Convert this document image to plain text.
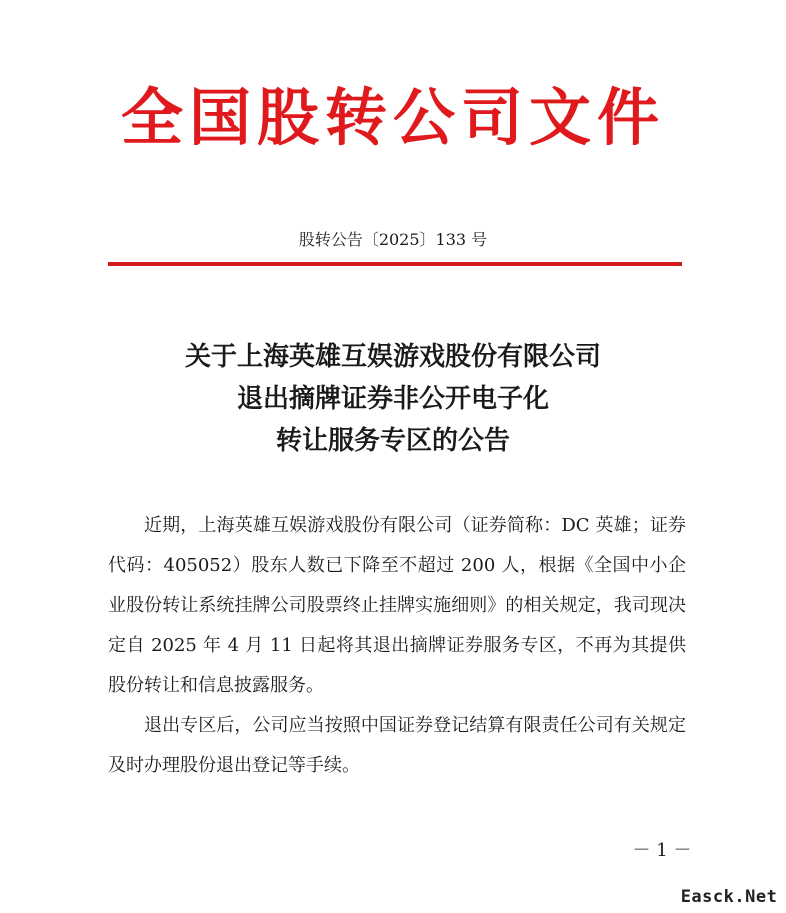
全国股转公司文件
股转公告〔2025〕133 号
关于上海英雄互娱游戏股份有限公司
退出摘牌证券非公开电子化
转让服务专区的公告

近期，上海英雄互娱游戏股份有限公司（证券简称：DC 英雄；证券代码：405052）股东人数已下降至不超过 200 人，根据《全国中小企业股份转让系统挂牌公司股票终止挂牌实施细则》的相关规定，我司现决定自 2025 年 4 月 11 日起将其退出摘牌证券服务专区，不再为其提供股份转让和信息披露服务。

退出专区后，公司应当按照中国证券登记结算有限责任公司有关规定及时办理股份退出登记等手续。

－ 1 －
Easck.Net
